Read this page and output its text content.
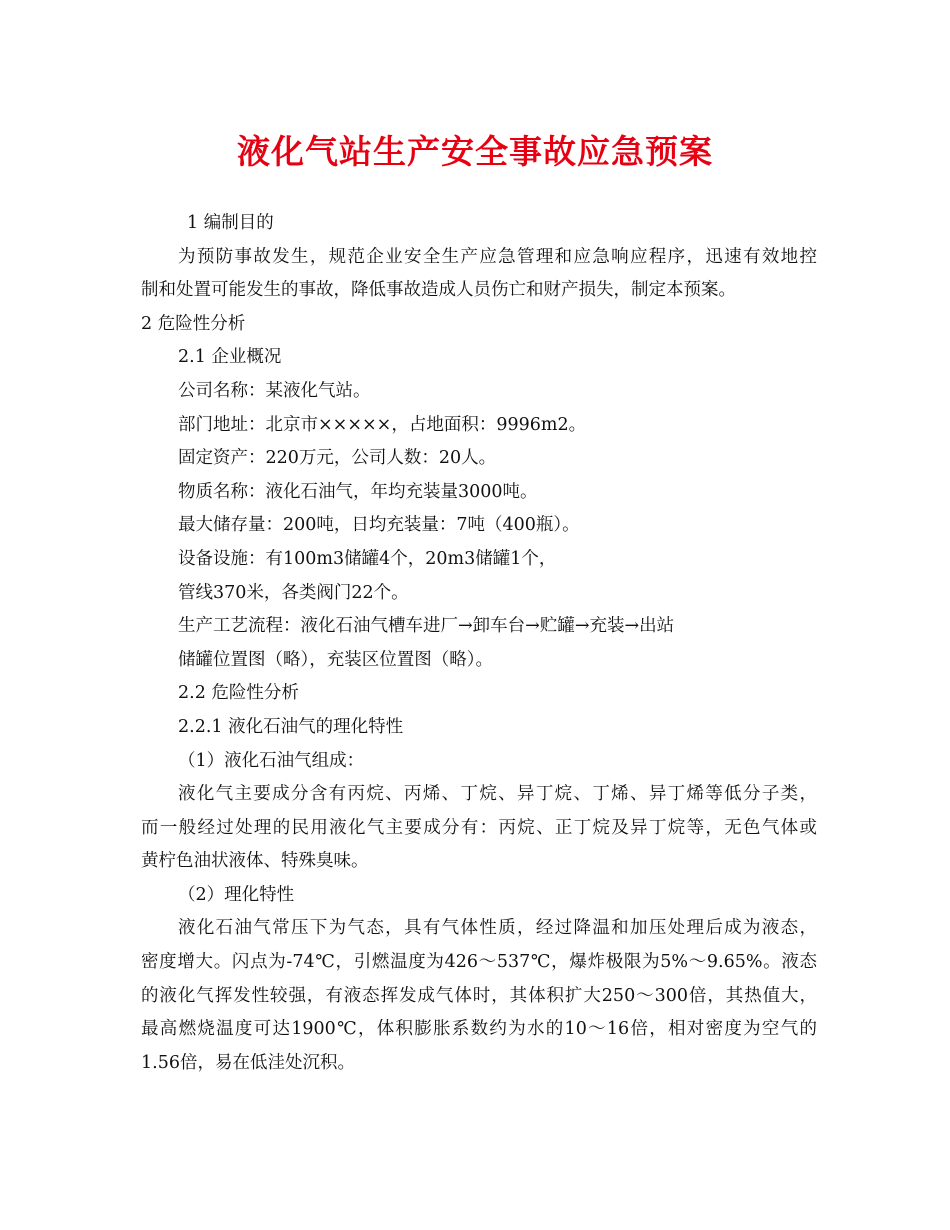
液化气站生产安全事故应急预案

1 编制目的

为预防事故发生，规范企业安全生产应急管理和应急响应程序，迅速有效地控
制和处置可能发生的事故，降低事故造成人员伤亡和财产损失，制定本预案。

2 危险性分析

2.1 企业概况

公司名称：某液化气站。

部门地址：北京市×××××，占地面积：9996m2。

固定资产：220万元，公司人数：20人。

物质名称：液化石油气，年均充装量3000吨。

最大储存量：200吨，日均充装量：7吨（400瓶）。

设备设施：有100m3储罐4个，20m3储罐1个，

管线370米，各类阀门22个。

生产工艺流程：液化石油气槽车进厂→卸车台→贮罐→充装→出站

储罐位置图（略），充装区位置图（略）。

2.2 危险性分析

2.2.1 液化石油气的理化特性

（1）液化石油气组成：

液化气主要成分含有丙烷、丙烯、丁烷、异丁烷、丁烯、异丁烯等低分子类，
而一般经过处理的民用液化气主要成分有：丙烷、正丁烷及异丁烷等，无色气体或
黄柠色油状液体、特殊臭味。

（2）理化特性

液化石油气常压下为气态，具有气体性质，经过降温和加压处理后成为液态，
密度增大。闪点为-74℃，引燃温度为426～537℃，爆炸极限为5%～9.65%。液态
的液化气挥发性较强，有液态挥发成气体时，其体积扩大250～300倍，其热值大，
最高燃烧温度可达1900℃，体积膨胀系数约为水的10～16倍，相对密度为空气的
1.56倍，易在低洼处沉积。
